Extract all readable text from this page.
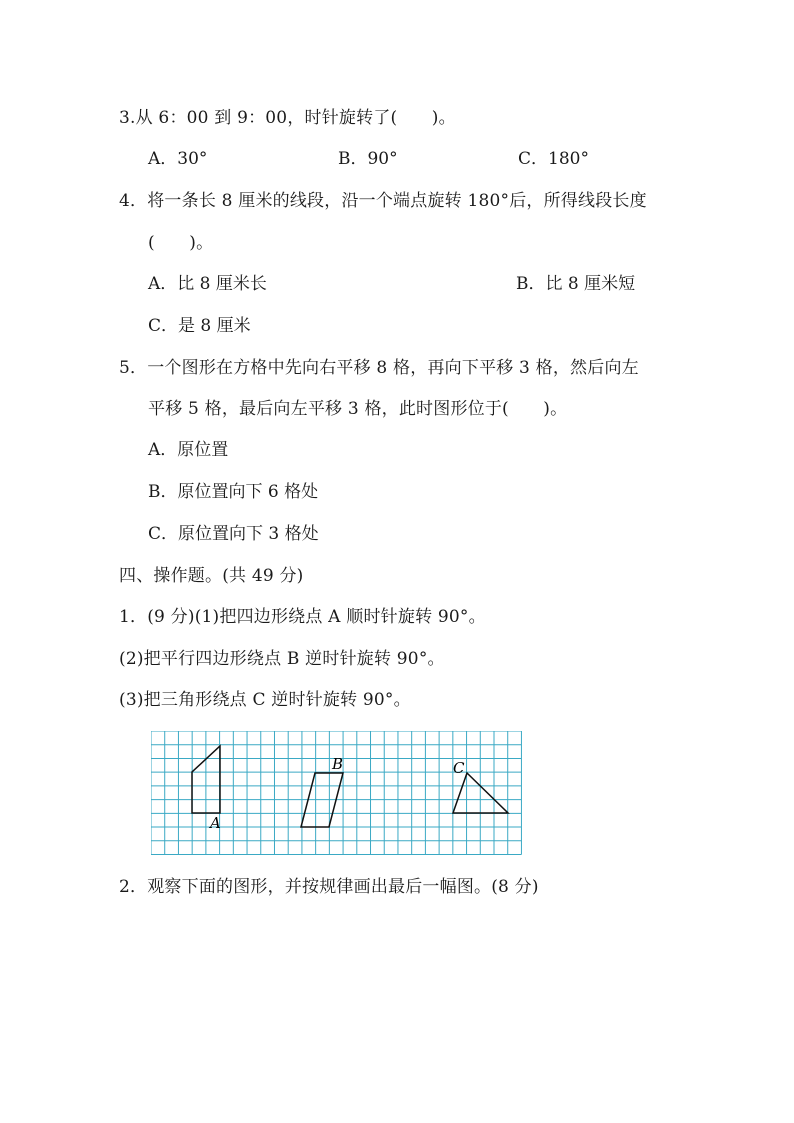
3.从 6：00 到 9：00，时针旋转了(　　)。
A．30°	B．90°	C．180°
4．将一条长 8 厘米的线段，沿一个端点旋转 180°后，所得线段长度
(　　)。
A．比 8 厘米长	B．比 8 厘米短
C．是 8 厘米
5．一个图形在方格中先向右平移 8 格，再向下平移 3 格，然后向左
平移 5 格，最后向左平移 3 格，此时图形位于(　　)。
A．原位置
B．原位置向下 6 格处
C．原位置向下 3 格处
四、操作题。(共 49 分)
1．(9 分)(1)把四边形绕点 A 顺时针旋转 90°。
(2)把平行四边形绕点 B 逆时针旋转 90°。
(3)把三角形绕点 C 逆时针旋转 90°。
A
B	C
2．观察下面的图形，并按规律画出最后一幅图。(8 分)
